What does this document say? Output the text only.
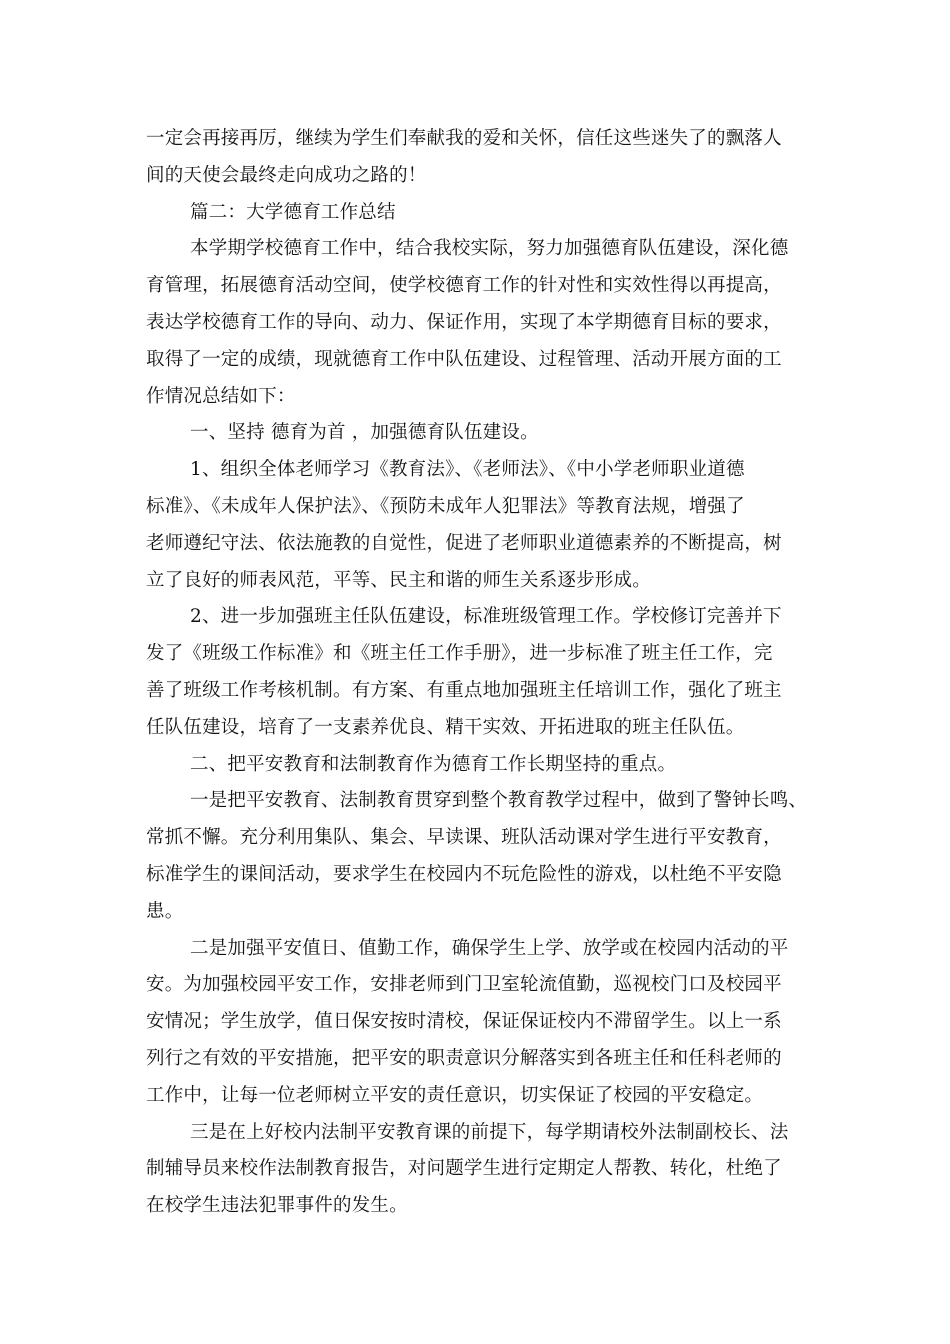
一定会再接再厉，继续为学生们奉献我的爱和关怀，信任这些迷失了的飘落人
间的天使会最终走向成功之路的！
篇二：大学德育工作总结
本学期学校德育工作中，结合我校实际，努力加强德育队伍建设，深化德
育管理，拓展德育活动空间，使学校德育工作的针对性和实效性得以再提高，
表达学校德育工作的导向、动力、保证作用，实现了本学期德育目标的要求，
取得了一定的成绩，现就德育工作中队伍建设、过程管理、活动开展方面的工
作情况总结如下：
一、坚持 德育为首 ，加强德育队伍建设。
1、组织全体老师学习《教育法》、《老师法》、《中小学老师职业道德
标准》、《未成年人保护法》、《预防未成年人犯罪法》等教育法规，增强了
老师遵纪守法、依法施教的自觉性，促进了老师职业道德素养的不断提高，树
立了良好的师表风范，平等、民主和谐的师生关系逐步形成。
2、进一步加强班主任队伍建设，标准班级管理工作。学校修订完善并下
发了《班级工作标准》和《班主任工作手册》，进一步标准了班主任工作，完
善了班级工作考核机制。有方案、有重点地加强班主任培训工作，强化了班主
任队伍建设，培育了一支素养优良、精干实效、开拓进取的班主任队伍。
二、把平安教育和法制教育作为德育工作长期坚持的重点。
一是把平安教育、法制教育贯穿到整个教育教学过程中，做到了警钟长鸣、
常抓不懈。充分利用集队、集会、早读课、班队活动课对学生进行平安教育，
标准学生的课间活动，要求学生在校园内不玩危险性的游戏，以杜绝不平安隐
患。
二是加强平安值日、值勤工作，确保学生上学、放学或在校园内活动的平
安。为加强校园平安工作，安排老师到门卫室轮流值勤，巡视校门口及校园平
安情况；学生放学，值日保安按时清校，保证保证校内不滞留学生。以上一系
列行之有效的平安措施，把平安的职责意识分解落实到各班主任和任科老师的
工作中，让每一位老师树立平安的责任意识，切实保证了校园的平安稳定。
三是在上好校内法制平安教育课的前提下，每学期请校外法制副校长、法
制辅导员来校作法制教育报告，对问题学生进行定期定人帮教、转化，杜绝了
在校学生违法犯罪事件的发生。
